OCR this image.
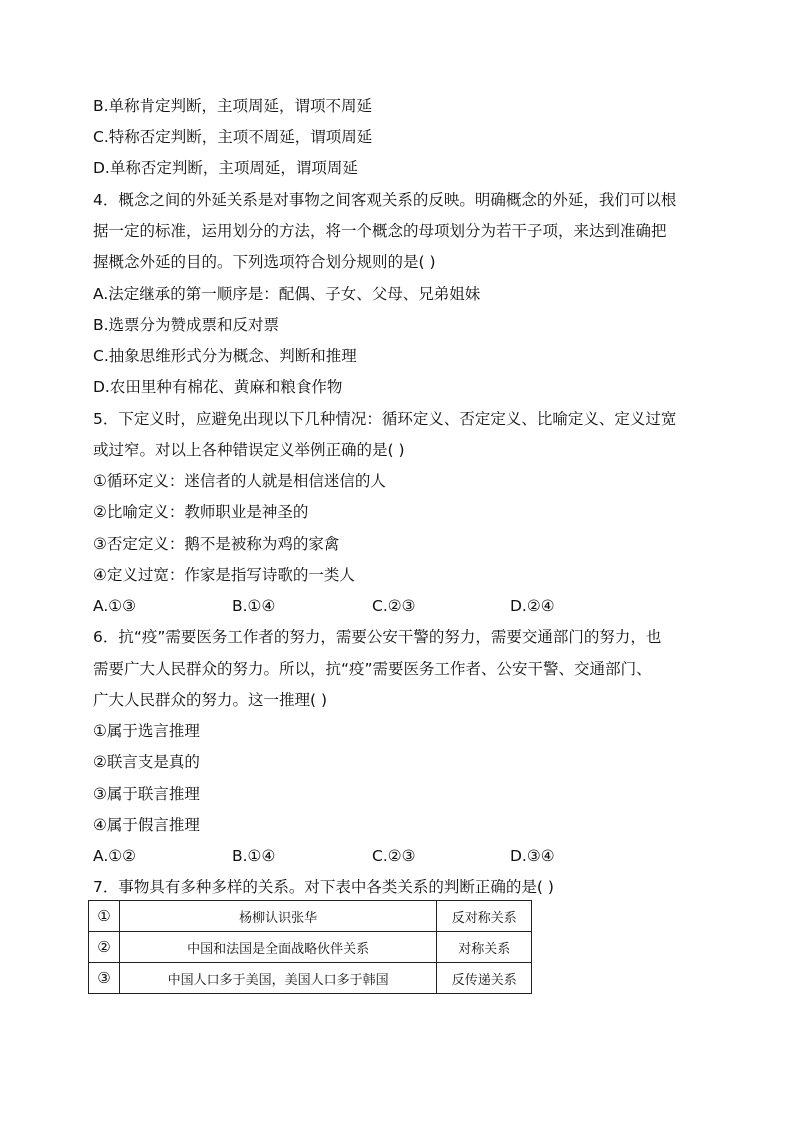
B.单称肯定判断，主项周延，谓项不周延
C.特称否定判断，主项不周延，谓项周延
D.单称否定判断，主项周延，谓项周延
4．概念之间的外延关系是对事物之间客观关系的反映。明确概念的外延，我们可以根
据一定的标准，运用划分的方法，将一个概念的母项划分为若干子项，来达到准确把
握概念外延的目的。下列选项符合划分规则的是( )
A.法定继承的第一顺序是：配偶、子女、父母、兄弟姐妹
B.选票分为赞成票和反对票
C.抽象思维形式分为概念、判断和推理
D.农田里种有棉花、黄麻和粮食作物
5．下定义时，应避免出现以下几种情况：循环定义、否定定义、比喻定义、定义过宽
或过窄。对以上各种错误定义举例正确的是( )
①循环定义：迷信者的人就是相信迷信的人
②比喻定义：教师职业是神圣的
③否定定义：鹅不是被称为鸡的家禽
④定义过宽：作家是指写诗歌的一类人
A.①③	B.①④	C.②③	D.②④
6．抗“疫”需要医务工作者的努力，需要公安干警的努力，需要交通部门的努力，也
需要广大人民群众的努力。所以，抗“疫”需要医务工作者、公安干警、交通部门、
广大人民群众的努力。这一推理( )
①属于选言推理
②联言支是真的
③属于联言推理
④属于假言推理
A.①②	B.①④	C.②③	D.③④
7．事物具有多种多样的关系。对下表中各类关系的判断正确的是( )
①	杨柳认识张华	反对称关系
②	中国和法国是全面战略伙伴关系	对称关系
③	中国人口多于美国，美国人口多于韩国	反传递关系
